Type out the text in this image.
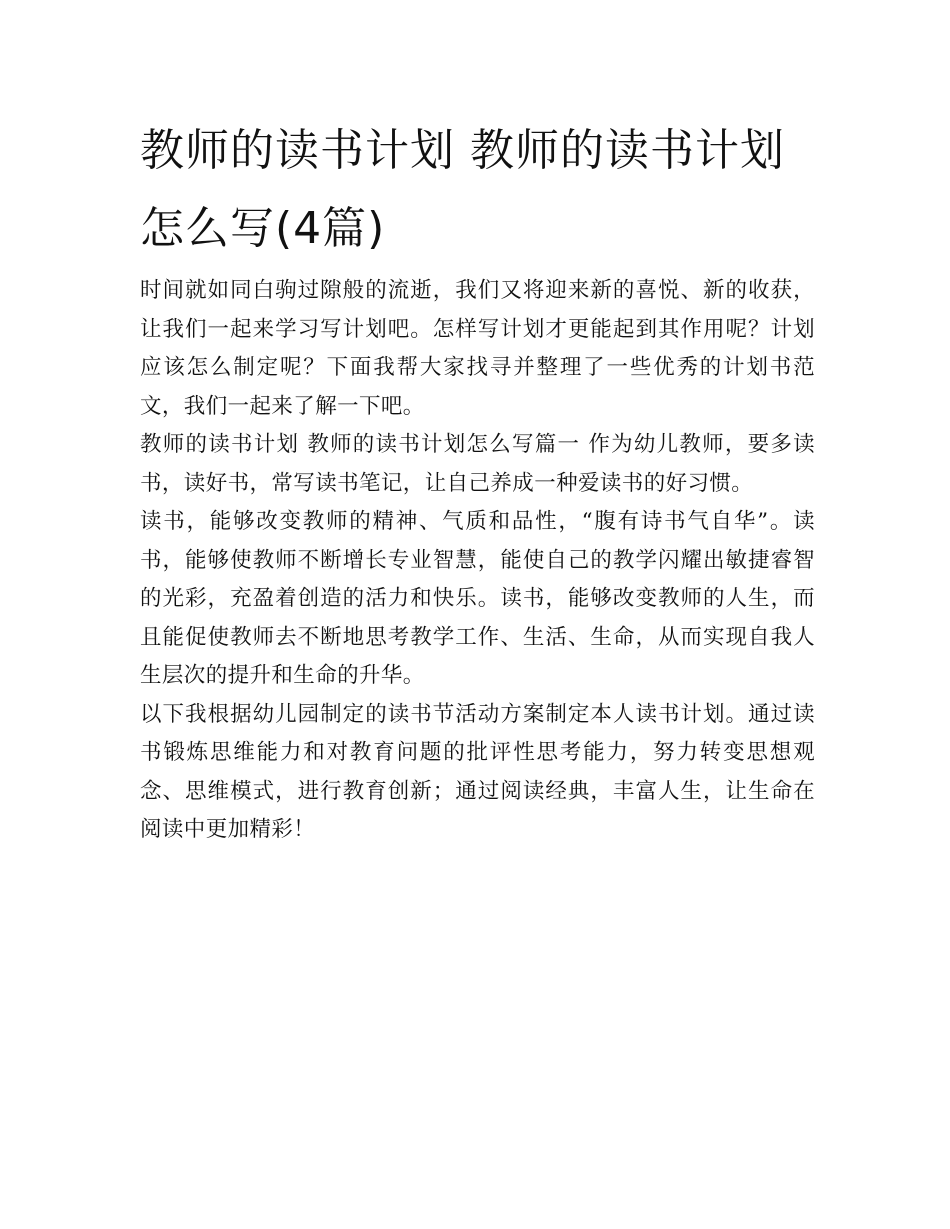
教师的读书计划 教师的读书计划怎么写(4篇)

时间就如同白驹过隙般的流逝，我们又将迎来新的喜悦、新的收获，让我们一起来学习写计划吧。怎样写计划才更能起到其作用呢？计划应该怎么制定呢？下面我帮大家找寻并整理了一些优秀的计划书范文，我们一起来了解一下吧。

教师的读书计划 教师的读书计划怎么写篇一 作为幼儿教师，要多读书，读好书，常写读书笔记，让自己养成一种爱读书的好习惯。

读书，能够改变教师的精神、气质和品性，“腹有诗书气自华”。读书，能够使教师不断增长专业智慧，能使自己的教学闪耀出敏捷睿智的光彩，充盈着创造的活力和快乐。读书，能够改变教师的人生，而且能促使教师去不断地思考教学工作、生活、生命，从而实现自我人生层次的提升和生命的升华。

以下我根据幼儿园制定的读书节活动方案制定本人读书计划。通过读书锻炼思维能力和对教育问题的批评性思考能力，努力转变思想观念、思维模式，进行教育创新；通过阅读经典，丰富人生，让生命在阅读中更加精彩！
